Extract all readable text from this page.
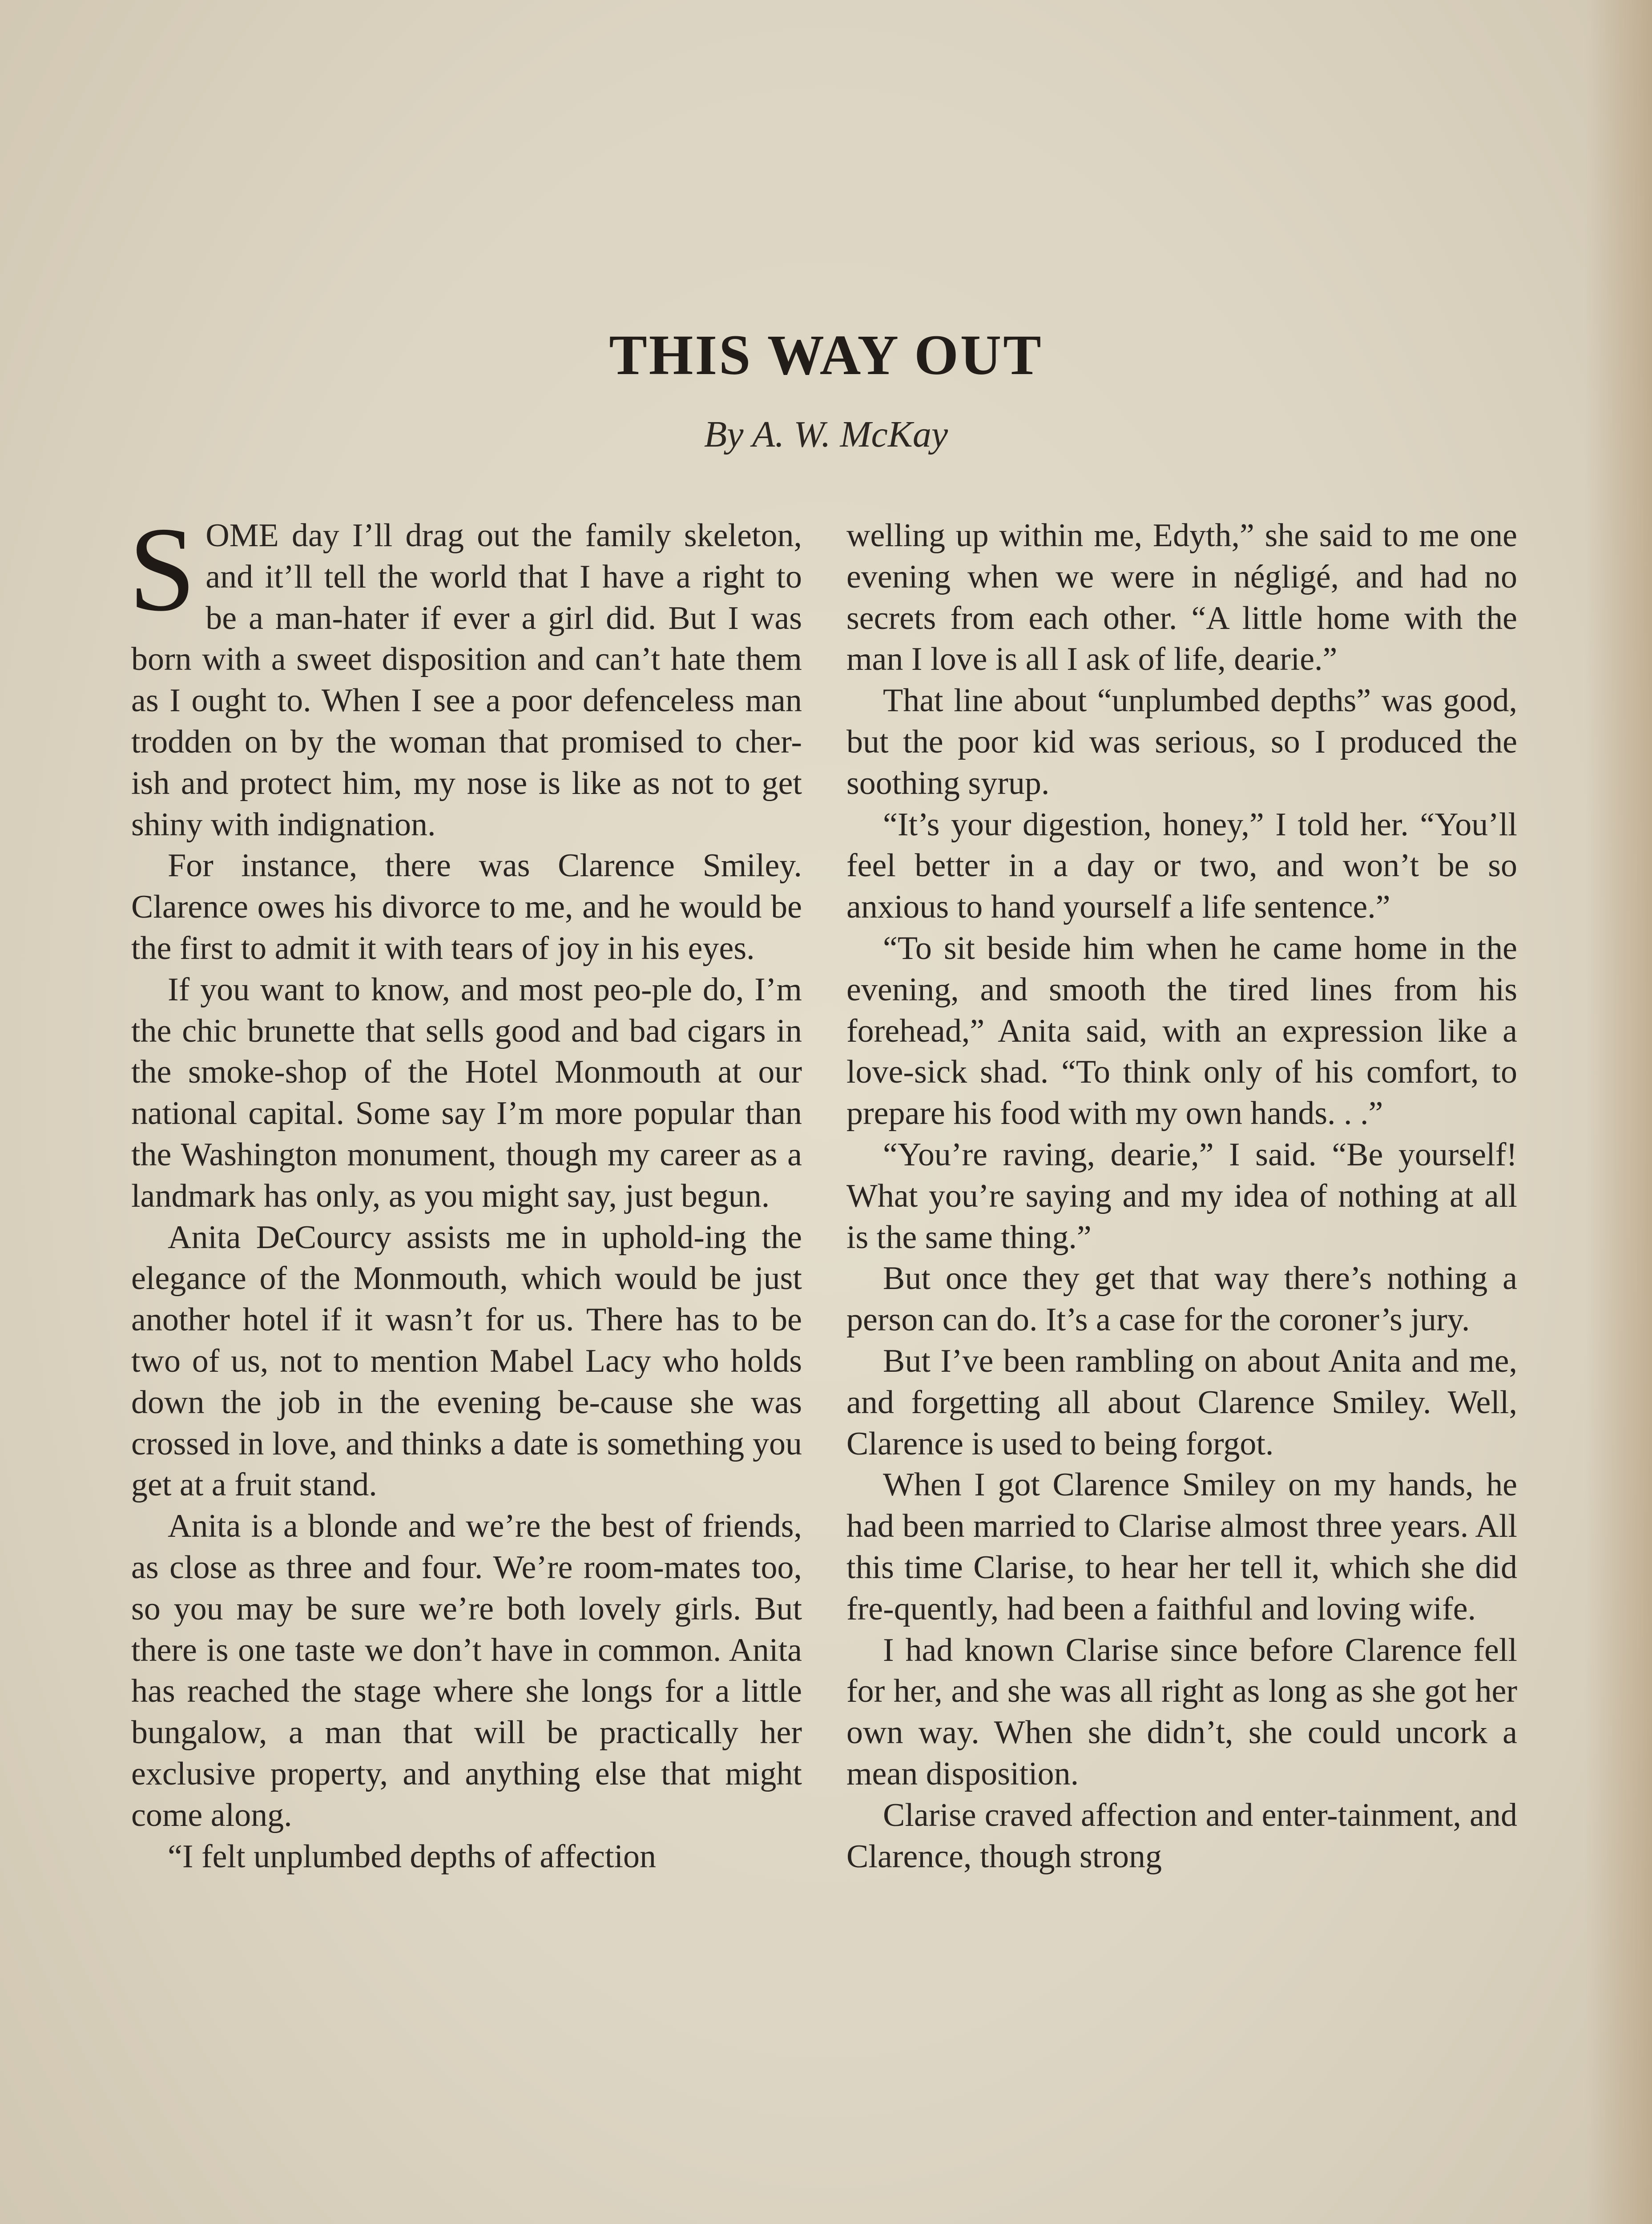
THIS WAY OUT
By A. W. McKay

SOME day I’ll drag out the family skeleton, and it’ll tell the world that I have a right to be a man-hater if ever a girl did. But I was born with a sweet disposition and can’t hate them as I ought to. When I see a poor defenceless man trodden on by the woman that promised to cher-ish and protect him, my nose is like as not to get shiny with indignation.

For instance, there was Clarence Smiley. Clarence owes his divorce to me, and he would be the first to admit it with tears of joy in his eyes.

If you want to know, and most peo-ple do, I’m the chic brunette that sells good and bad cigars in the smoke-shop of the Hotel Monmouth at our national capital. Some say I’m more popular than the Washington monument, though my career as a landmark has only, as you might say, just begun.

Anita DeCourcy assists me in uphold-ing the elegance of the Monmouth, which would be just another hotel if it wasn’t for us. There has to be two of us, not to mention Mabel Lacy who holds down the job in the evening be-cause she was crossed in love, and thinks a date is something you get at a fruit stand.

Anita is a blonde and we’re the best of friends, as close as three and four. We’re room-mates too, so you may be sure we’re both lovely girls. But there is one taste we don’t have in common. Anita has reached the stage where she longs for a little bungalow, a man that will be practically her exclusive property, and anything else that might come along.

“I felt unplumbed depths of affection

welling up within me, Edyth,” she said to me one evening when we were in négligé, and had no secrets from each other. “A little home with the man I love is all I ask of life, dearie.”

That line about “unplumbed depths” was good, but the poor kid was serious, so I produced the soothing syrup.

“It’s your digestion, honey,” I told her. “You’ll feel better in a day or two, and won’t be so anxious to hand yourself a life sentence.”

“To sit beside him when he came home in the evening, and smooth the tired lines from his forehead,” Anita said, with an expression like a love-sick shad. “To think only of his comfort, to prepare his food with my own hands. . .”

“You’re raving, dearie,” I said. “Be yourself! What you’re saying and my idea of nothing at all is the same thing.”

But once they get that way there’s nothing a person can do. It’s a case for the coroner’s jury.

But I’ve been rambling on about Anita and me, and forgetting all about Clarence Smiley. Well, Clarence is used to being forgot.

When I got Clarence Smiley on my hands, he had been married to Clarise almost three years. All this time Clarise, to hear her tell it, which she did fre-quently, had been a faithful and loving wife.

I had known Clarise since before Clarence fell for her, and she was all right as long as she got her own way. When she didn’t, she could uncork a mean disposition.

Clarise craved affection and enter-tainment, and Clarence, though strong
